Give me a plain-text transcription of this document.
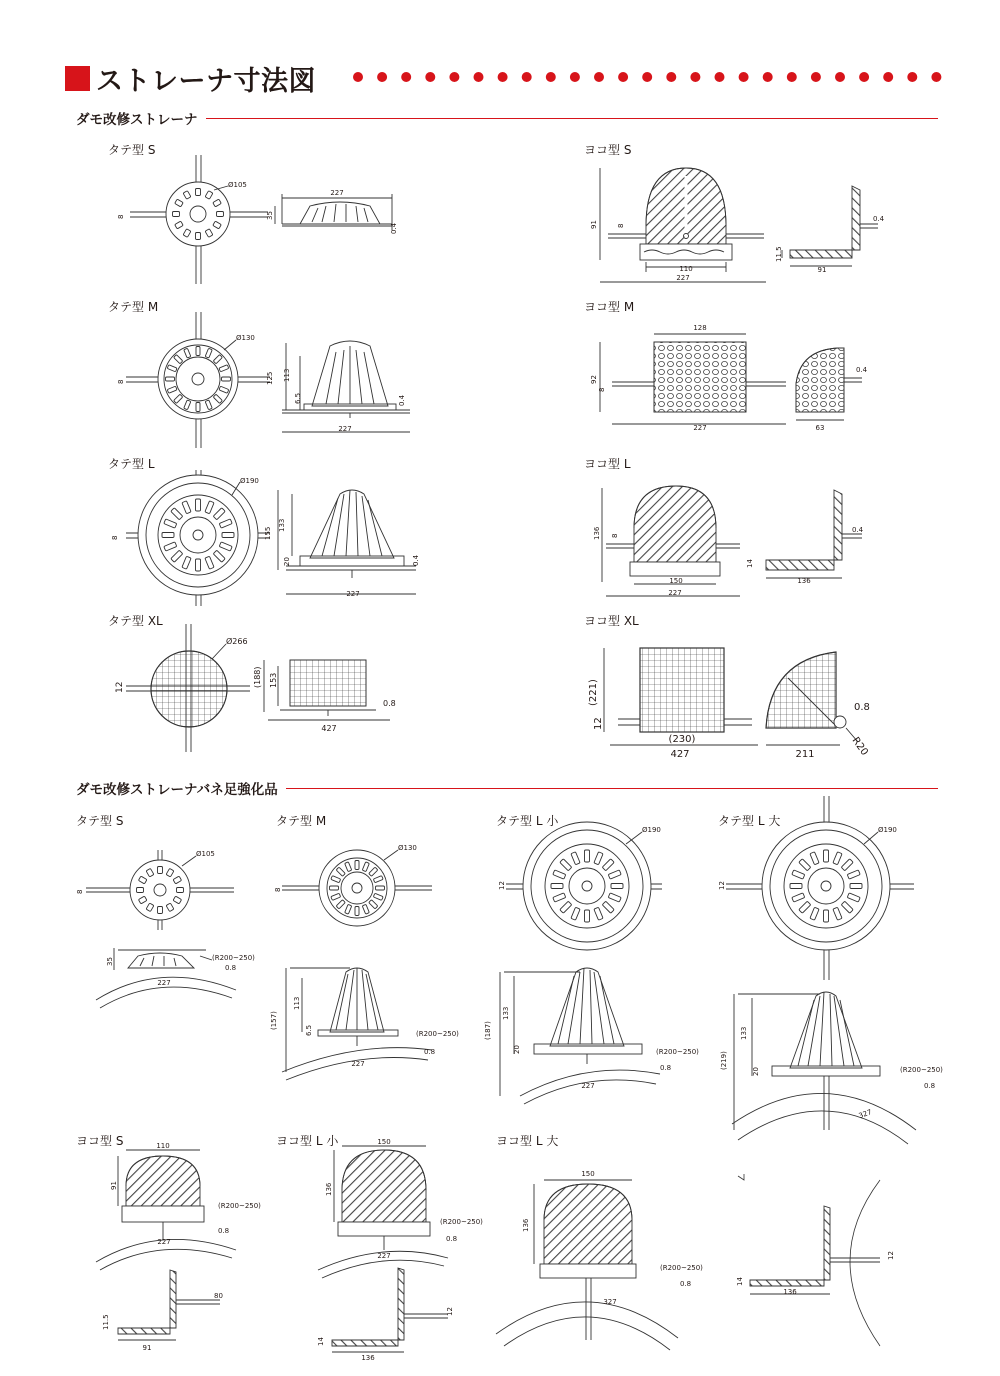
ストレーナ寸法図
ダモ改修ストレーナ
タテ型 S	ヨコ型 S
タテ型 M	ヨコ型 M
タテ型 L	ヨコ型 L
タテ型 XL	ヨコ型 XL
Ø105
8
227
35
0.4	91	8
110
227
0.4
11.5
91
Ø130
8	125 113
6.5	0.4
227
128
92
8
227
0.4
63
Ø190
8	155
133
20	0.4
227
136 8
150
227
0.4
14
136
Ø266
12	(188) 153
0.8
427
(221)
12
(230)
427
0.8
R20
211
ダモ改修ストレーナバネ足強化品
タテ型 S	タテ型 M	タテ型 L 小	タテ型 L 大
ヨコ型 S	ヨコ型 L 小	ヨコ型 L 大
Ø105
8
35	(R200~250)
0.8
227
Ø130
8
(157)
113
6.5	(R200~250)
0.8
227
Ø190
12
(187)
133
20	(R200~250)
0.8
227
Ø190
12
(219)
133
20	(R200~250)
0.8
327
110
91
(R200~250)
0.8
227
11.5
91
80
150
136
(R200~250)
0.8
227
12
14
136
150
136
(R200~250)
0.8
327
12
14
136
